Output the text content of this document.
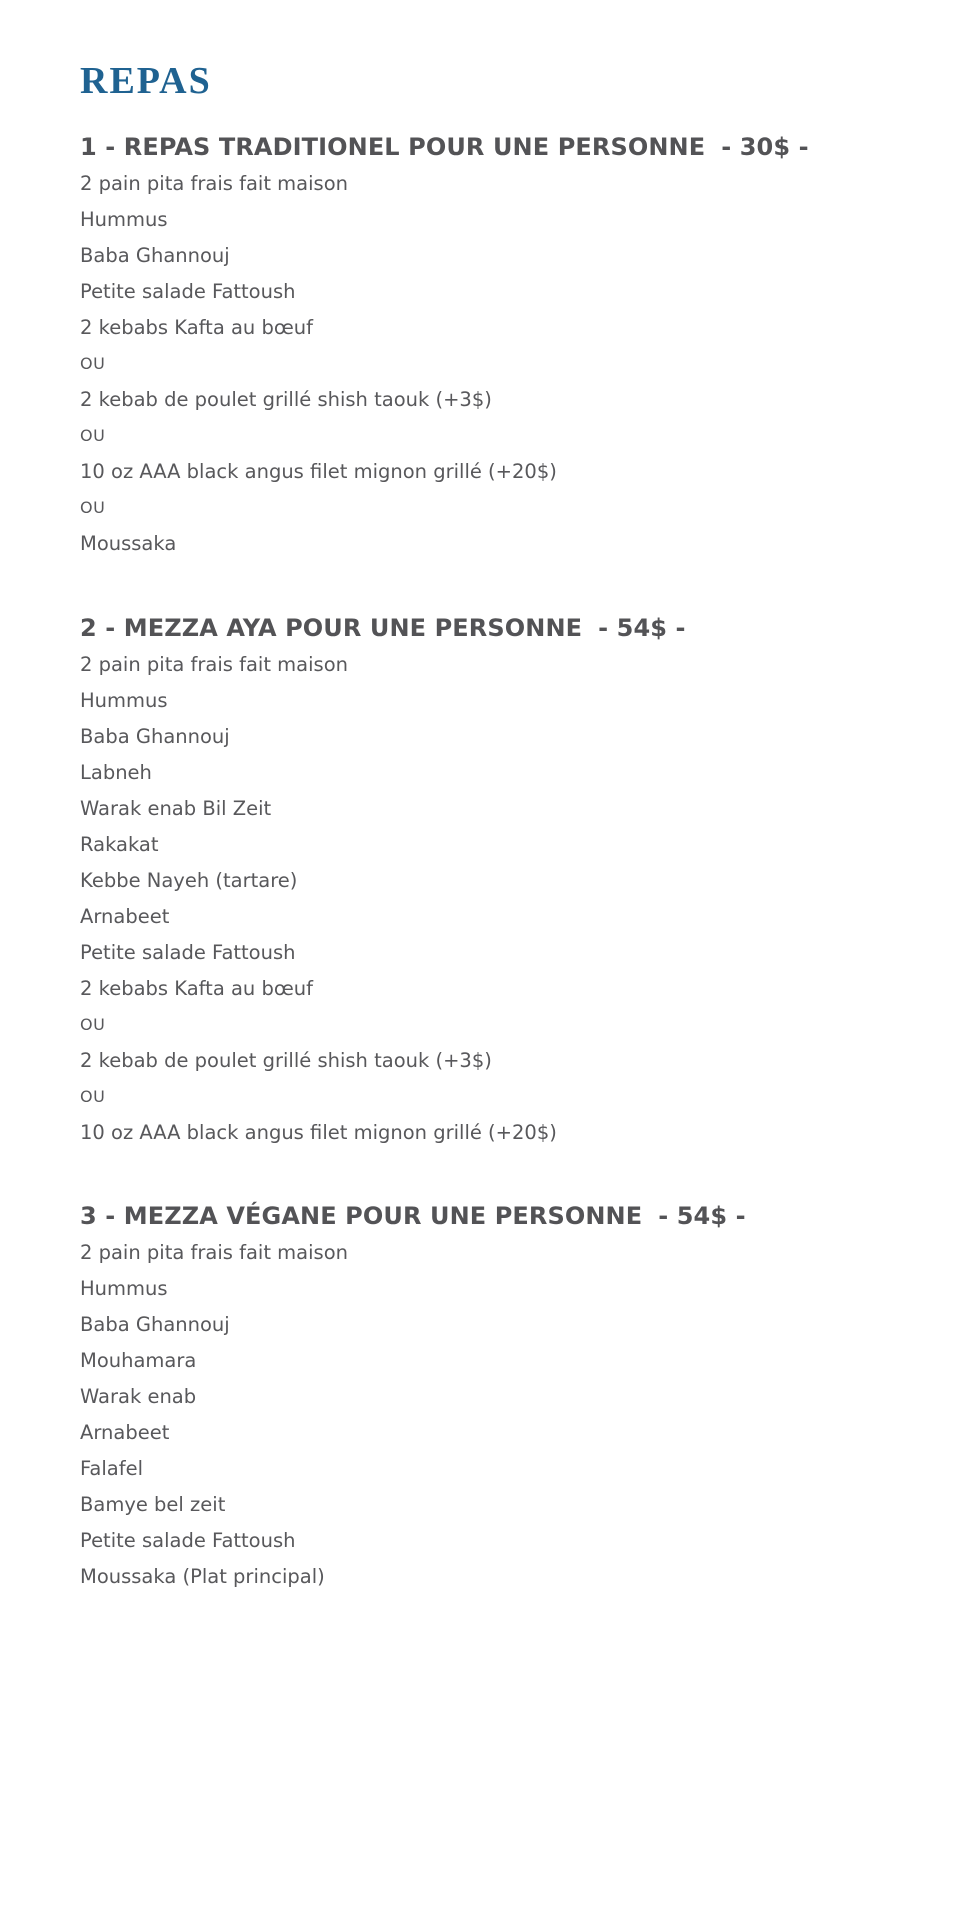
REPAS
1 - REPAS TRADITIONEL POUR UNE PERSONNE - 30$ -
2 pain pita frais fait maison
Hummus
Baba Ghannouj
Petite salade Fattoush
2 kebabs Kafta au bœuf
OU
2 kebab de poulet grillé shish taouk (+3$)
OU
10 oz AAA black angus filet mignon grillé (+20$)
OU
Moussaka
2 - MEZZA AYA POUR UNE PERSONNE - 54$ -
2 pain pita frais fait maison
Hummus
Baba Ghannouj
Labneh
Warak enab Bil Zeit
Rakakat
Kebbe Nayeh (tartare)
Arnabeet
Petite salade Fattoush
2 kebabs Kafta au bœuf
OU
2 kebab de poulet grillé shish taouk (+3$)
OU
10 oz AAA black angus filet mignon grillé (+20$)
3 - MEZZA VÉGANE POUR UNE PERSONNE - 54$ -
2 pain pita frais fait maison
Hummus
Baba Ghannouj
Mouhamara
Warak enab
Arnabeet
Falafel
Bamye bel zeit
Petite salade Fattoush
Moussaka (Plat principal)
